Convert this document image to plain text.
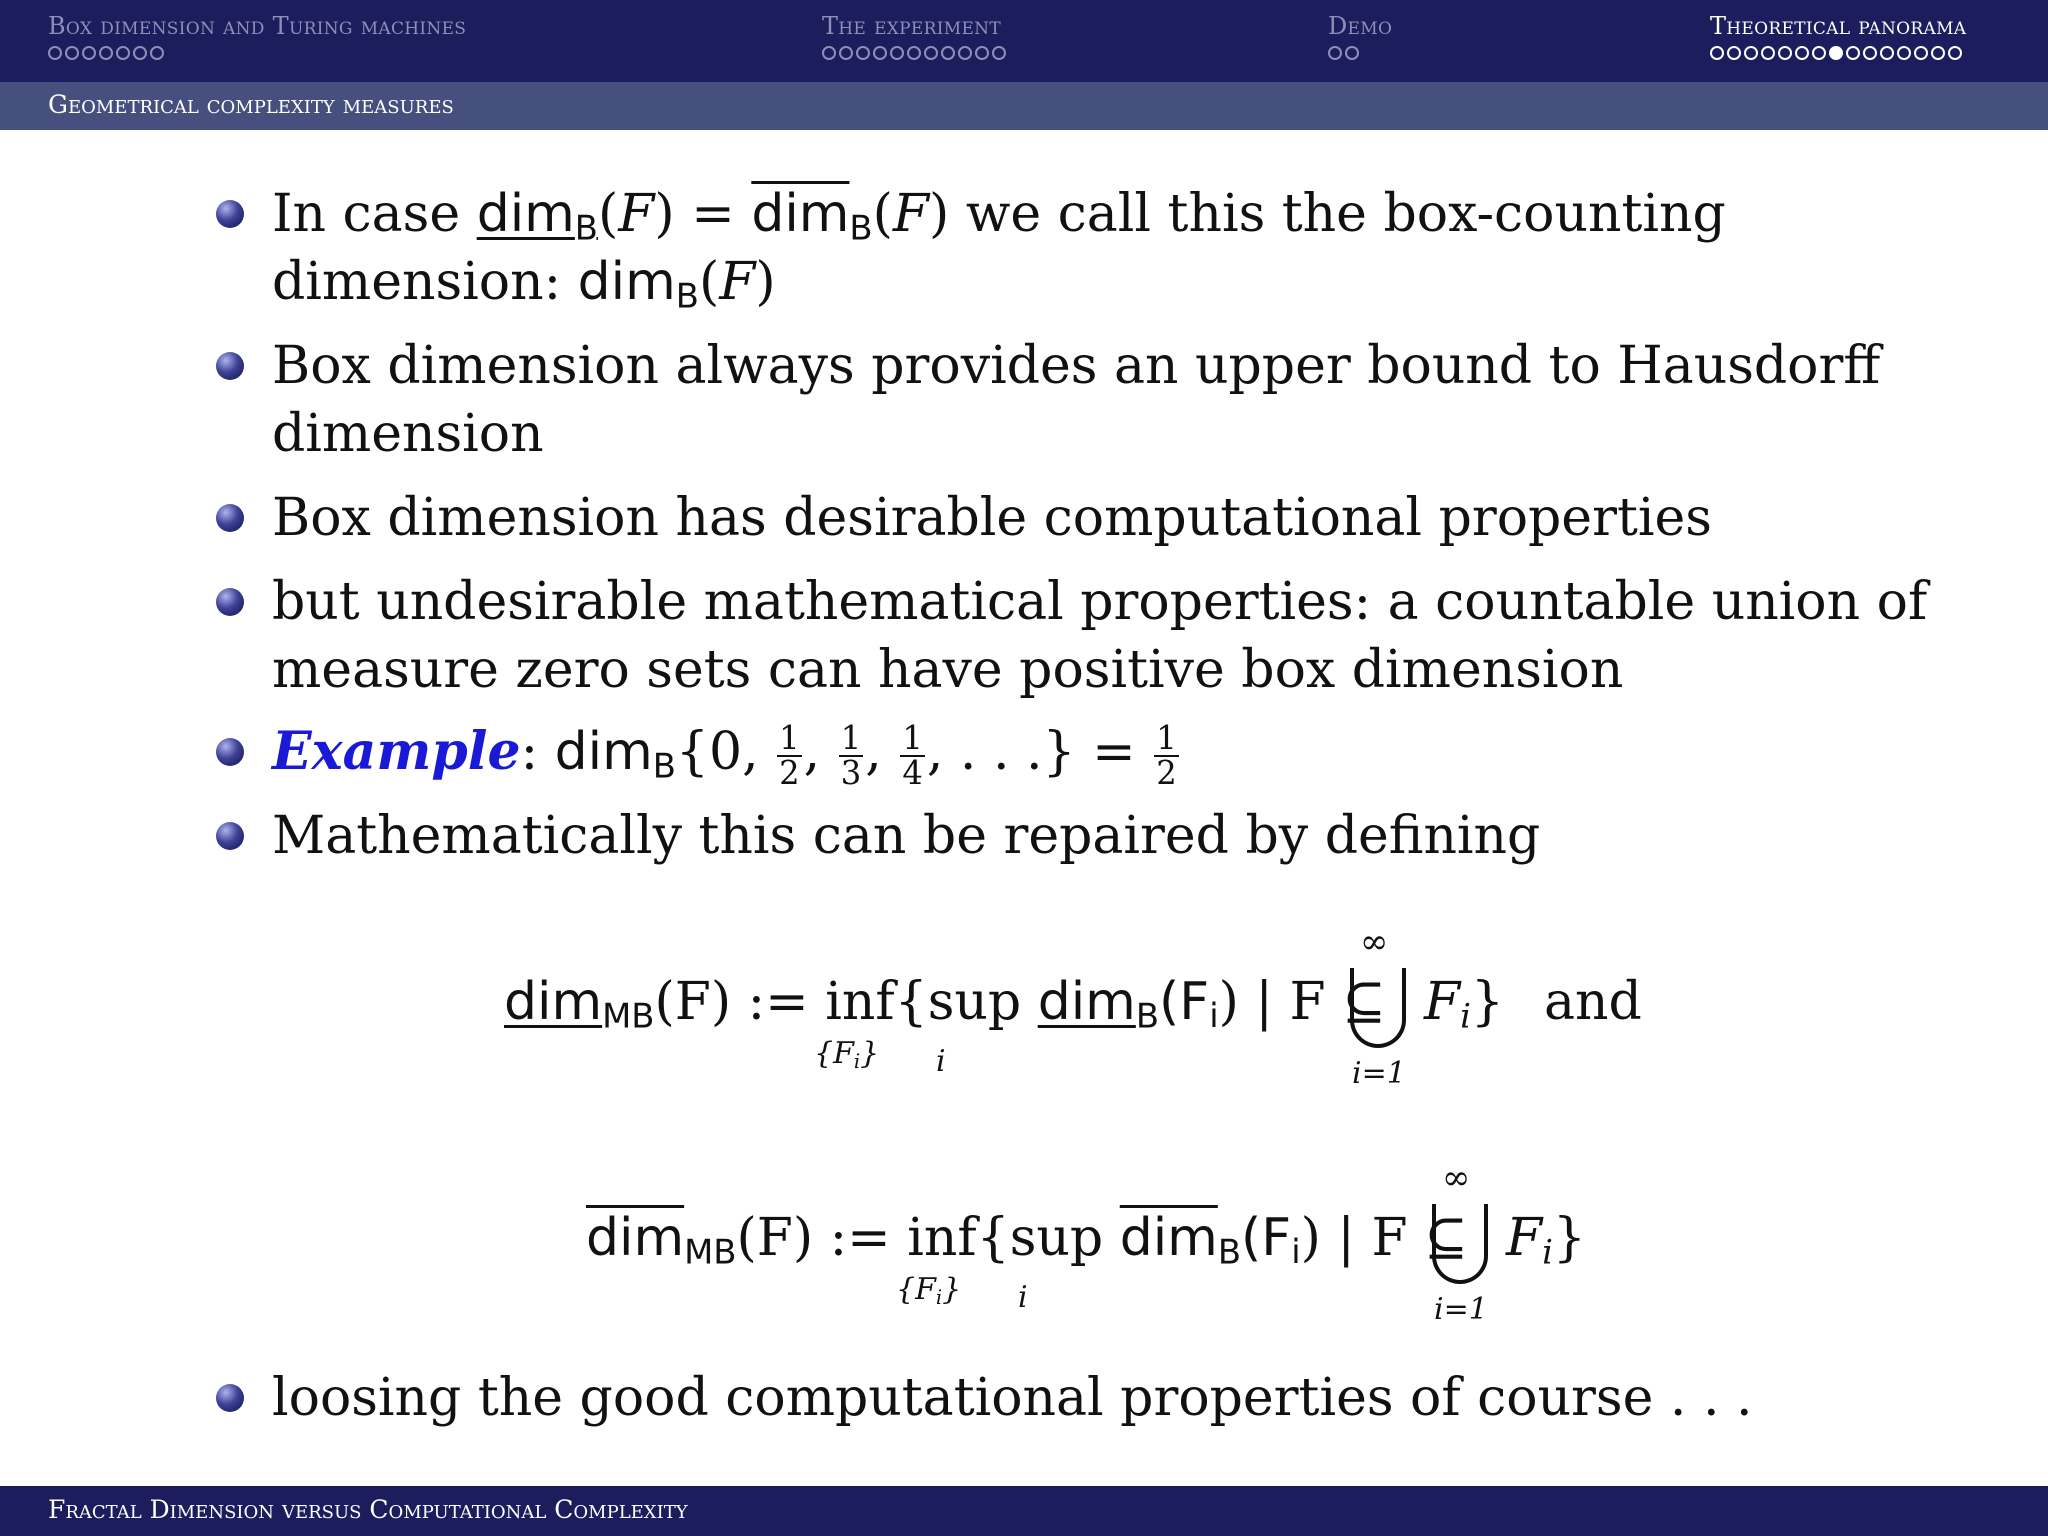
Box dimension and Turing machines	The experiment	Demo	Theoretical panorama
Geometrical complexity measures
In case $dim_B(F) = \overline{dim}_B(F)$ we call this the box-counting
dimension: dim$_B$(F)
Box dimension always provides an upper bound to Hausdorff
dimension
Box dimension has desirable computational properties
but undesirable mathematical properties: a countable union of
measure zero sets can have positive box dimension
Example: dim$_B${0, $\frac{1}{2}$ , $\frac{1}{3}$ , $\frac{1}{4}$ , . . .} = $\frac{1}{2}$
Mathematically this can be repaired by defining
dim$_{MB}$(F) := inf{sup $dim_B(F_i)$ | F ⊆
$\{F_i\}$ i
∞
i=1
$F_i$} and
$\overline{dim}_{MB}(F)$ := inf{sup $\overline{dim}_B(F_i)$ | F ⊆
$\{F_i\}$ i
∞
i=1
$F_i$}
loosing the good computational properties of course . . .
Fractal Dimension versus Computational Complexity
